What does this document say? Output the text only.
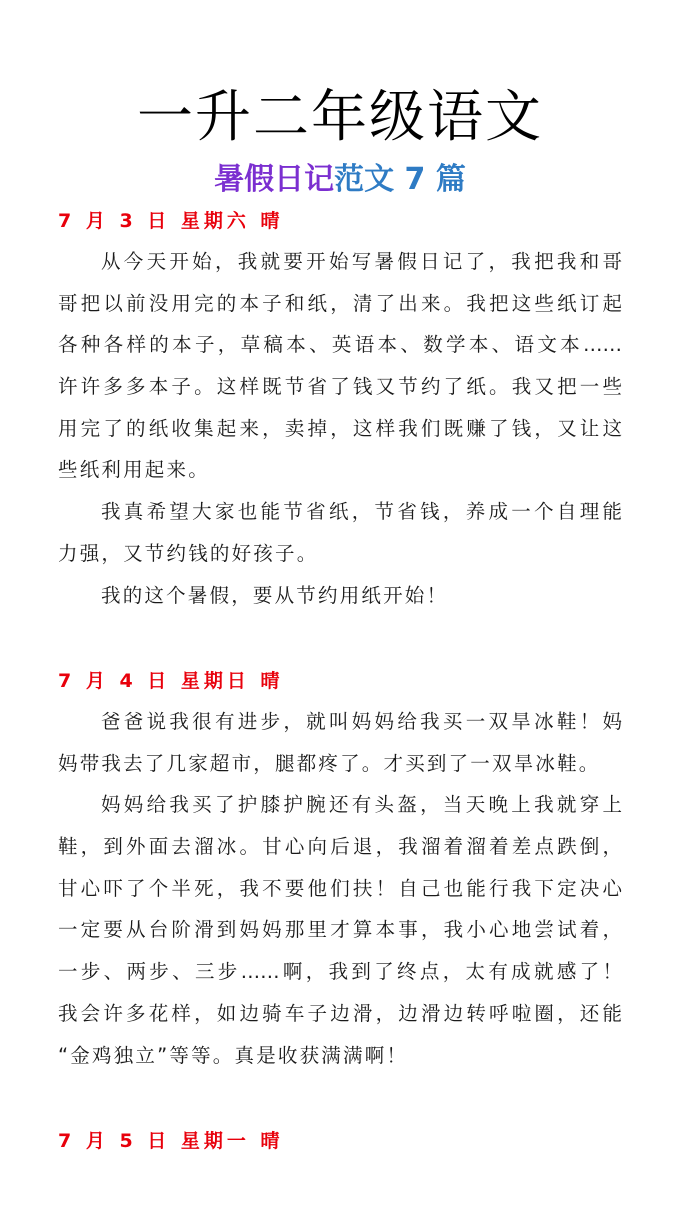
一升二年级语文
暑假日记范文 7 篇
7 月 3 日 星期六 晴
从今天开始，我就要开始写暑假日记了，我把我和哥
哥把以前没用完的本子和纸，清了出来。我把这些纸订起
各种各样的本子，草稿本、英语本、数学本、语文本……
许许多多本子。这样既节省了钱又节约了纸。我又把一些
用完了的纸收集起来，卖掉，这样我们既赚了钱，又让这
些纸利用起来。
我真希望大家也能节省纸，节省钱，养成一个自理能
力强，又节约钱的好孩子。
我的这个暑假，要从节约用纸开始！
7 月 4 日 星期日 晴
爸爸说我很有进步，就叫妈妈给我买一双旱冰鞋！妈
妈带我去了几家超市，腿都疼了。才买到了一双旱冰鞋。
妈妈给我买了护膝护腕还有头盔，当天晚上我就穿上
鞋，到外面去溜冰。甘心向后退，我溜着溜着差点跌倒，
甘心吓了个半死，我不要他们扶！自己也能行我下定决心
一定要从台阶滑到妈妈那里才算本事，我小心地尝试着，
一步、两步、三步……啊，我到了终点，太有成就感了！
我会许多花样，如边骑车子边滑，边滑边转呼啦圈，还能
“金鸡独立”等等。真是收获满满啊！
7 月 5 日 星期一 晴
